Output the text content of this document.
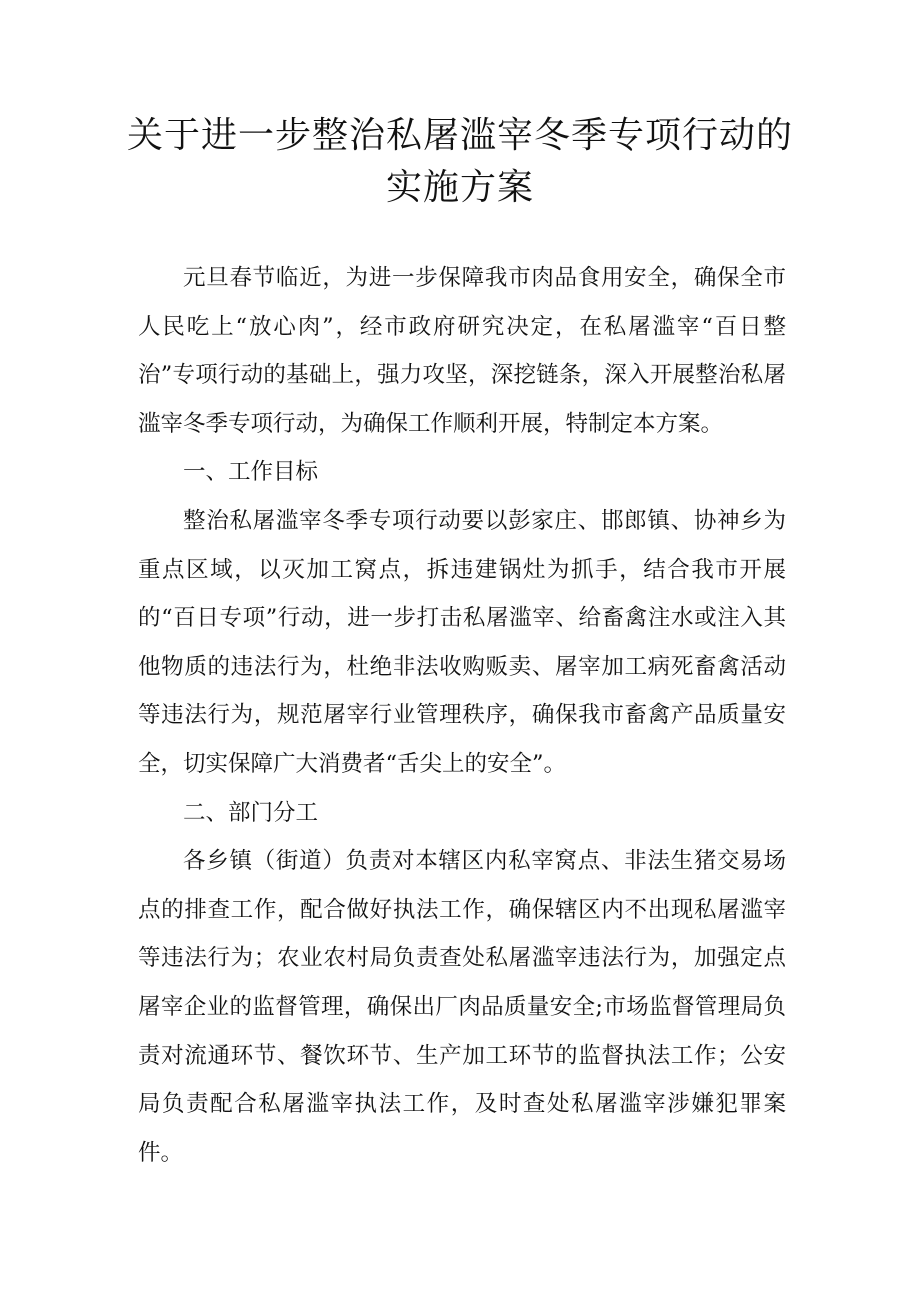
关于进一步整治私屠滥宰冬季专项行动的
实施方案

元旦春节临近，为进一步保障我市肉品食用安全，确保全市人民吃上“放心肉”，经市政府研究决定，在私屠滥宰“百日整治”专项行动的基础上，强力攻坚，深挖链条，深入开展整治私屠滥宰冬季专项行动，为确保工作顺利开展，特制定本方案。

一、工作目标

整治私屠滥宰冬季专项行动要以彭家庄、邯郎镇、协神乡为重点区域，以灭加工窝点，拆违建锅灶为抓手，结合我市开展的“百日专项”行动，进一步打击私屠滥宰、给畜禽注水或注入其他物质的违法行为，杜绝非法收购贩卖、屠宰加工病死畜禽活动等违法行为，规范屠宰行业管理秩序，确保我市畜禽产品质量安全，切实保障广大消费者“舌尖上的安全”。

二、部门分工

各乡镇（街道）负责对本辖区内私宰窝点、非法生猪交易场点的排查工作，配合做好执法工作，确保辖区内不出现私屠滥宰等违法行为；农业农村局负责查处私屠滥宰违法行为，加强定点屠宰企业的监督管理，确保出厂肉品质量安全;市场监督管理局负责对流通环节、餐饮环节、生产加工环节的监督执法工作；公安局负责配合私屠滥宰执法工作，及时查处私屠滥宰涉嫌犯罪案件。
